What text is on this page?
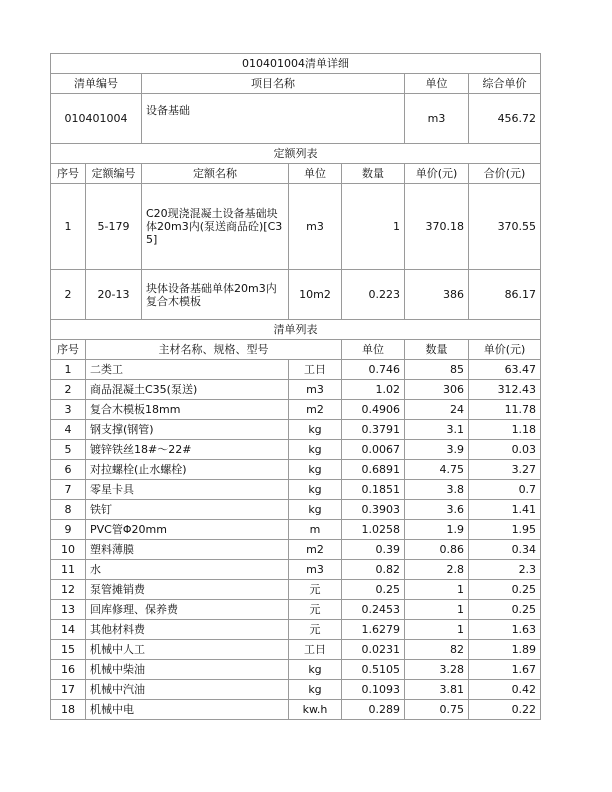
010401004清单详细							
清单编号		项目名称			单位	综合单价	
010401004		设备基础			m3	456.72	
定额列表							
序号	定额编号	定额名称	单位	数量	单价(元)	合价(元)	
1	5-179	C20现浇混凝土设备基础块体20m3内(泵送商品砼)[C35]	m3	1	370.18	370.55	
2	20-13	块体设备基础单体20m3内复合木模板	10m2	0.223	386	86.17	
清单列表							
序号	主材名称、规格、型号			单位	数量	单价(元)	
1	二类工		工日	0.746	85	63.47	
2	商品混凝土C35(泵送)		m3	1.02	306	312.43	
3	复合木模板18mm		m2	0.4906	24	11.78	
4	钢支撑(钢管)		kg	0.3791	3.1	1.18	
5	镀锌铁丝18#～22#		kg	0.0067	3.9	0.03	
6	对拉螺栓(止水螺栓)		kg	0.6891	4.75	3.27	
7	零星卡具		kg	0.1851	3.8	0.7	
8	铁钉		kg	0.3903	3.6	1.41	
9	PVC管Φ20mm		m	1.0258	1.9	1.95	
10	塑料薄膜		m2	0.39	0.86	0.34	
11	水		m3	0.82	2.8	2.3	
12	泵管摊销费		元	0.25	1	0.25	
13	回库修理、保养费		元	0.2453	1	0.25	
14	其他材料费		元	1.6279	1	1.63	
15	机械中人工		工日	0.0231	82	1.89	
16	机械中柴油		kg	0.5105	3.28	1.67	
17	机械中汽油		kg	0.1093	3.81	0.42	
18	机械中电		kw.h	0.289	0.75	0.22	
